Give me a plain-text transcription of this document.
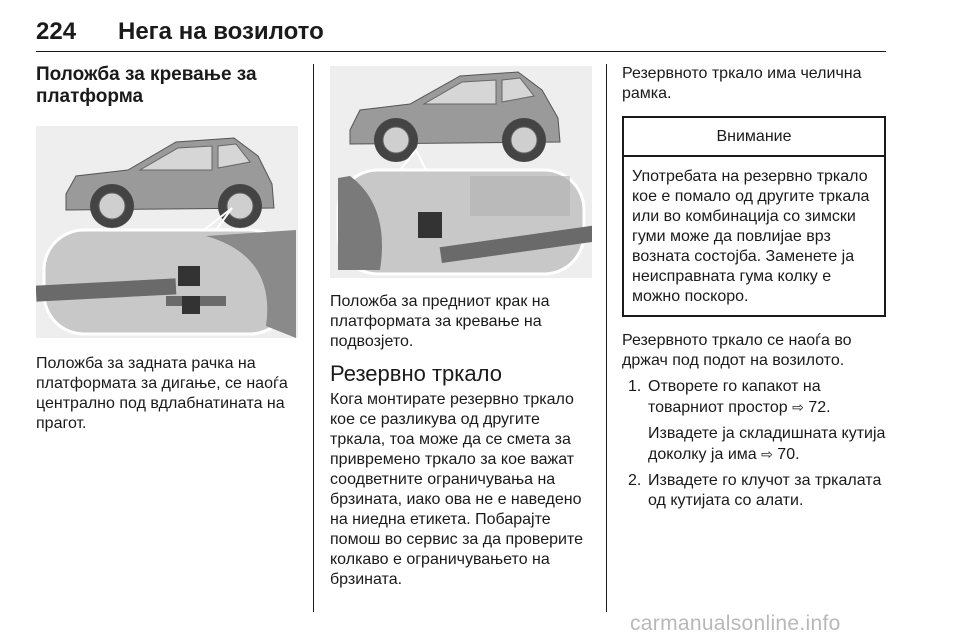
224 Нега на возилото
Положба за кревање за платформа
Положба за задната рачка на платформата за дигање, се наоѓа централно под вдлабнатината на прагот.
Положба за предниот крак на платформата за кревање на подвозјето.
Резервно тркало
Кога монтирате резервно тркало кое се разликува од другите тркала, тоа може да се смета за привремено тркало за кое важат соодветните ограничувања на брзината, иако ова не е наведено на ниедна етикета. Побарајте помош во сервис за да проверите колкаво е ограничувањето на брзината.
Резервното тркало има челична рамка.
Внимание
Употребата на резервно тркало кое е помало од другите тркала или во комбинација со зимски гуми може да повлијае врз возната состојба. Заменете ја неисправната гума колку е можно поскоро.
Резервното тркало се наоѓа во држач под подот на возилото.
1. Отворете го капакот на товарниот простор ⇨ 72.
Извадете ја складишната кутија доколку ја има ⇨ 70.
2. Извадете го клучот за тркалата од кутијата со алати.
carmanualsonline.info
